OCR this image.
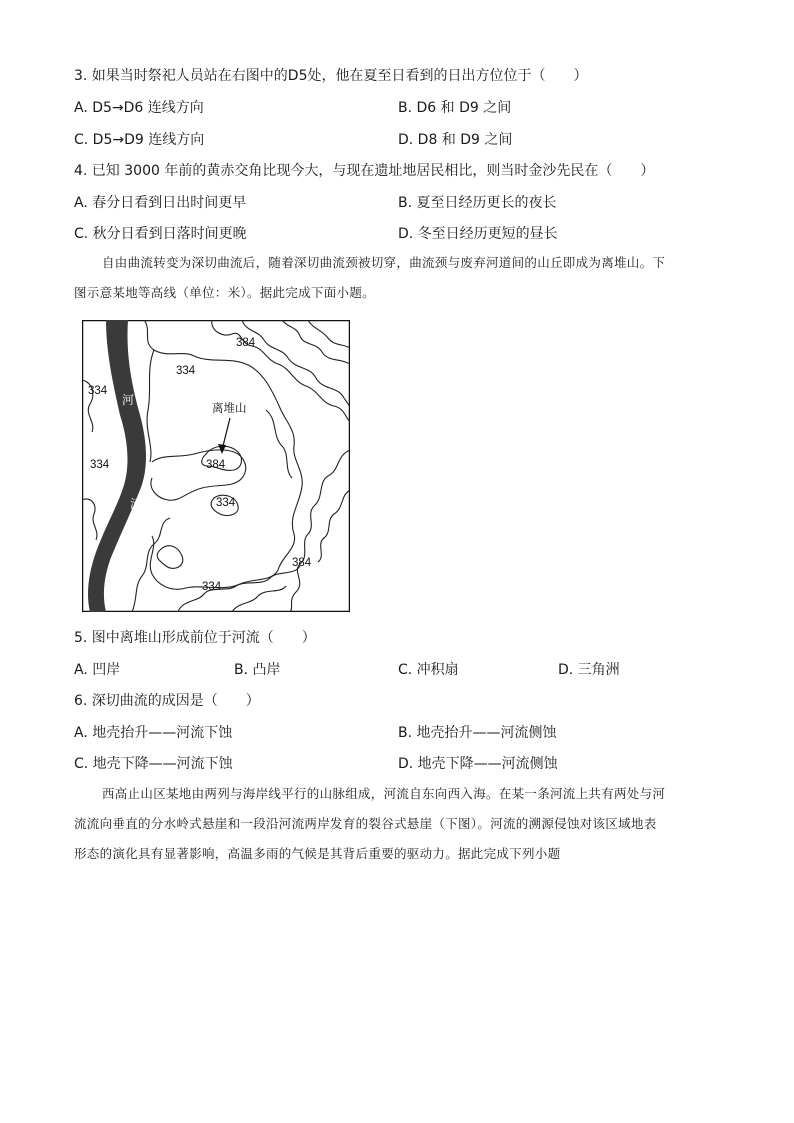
3. 如果当时祭祀人员站在右图中的D5处，他在夏至日看到的日出方位位于（　　）
A. D5→D6 连线方向	B. D6 和 D9 之间
C. D5→D9 连线方向	D. D8 和 D9 之间
4. 已知 3000 年前的黄赤交角比现今大，与现在遗址地居民相比，则当时金沙先民在（　　）
A. 春分日看到日出时间更早	B. 夏至日经历更长的夜长
C. 秋分日看到日落时间更晚	D. 冬至日经历更短的昼长
自由曲流转变为深切曲流后，随着深切曲流颈被切穿，曲流颈与废弃河道间的山丘即成为离堆山。下
图示意某地等高线（单位：米）。据此完成下面小题。
384
334
334
334
河
流
离堆山
384
334
384
334
5. 图中离堆山形成前位于河流（　　）
A. 凹岸	B. 凸岸	C. 冲积扇	D. 三角洲
6. 深切曲流的成因是（　　）
A. 地壳抬升——河流下蚀	B. 地壳抬升——河流侧蚀
C. 地壳下降——河流下蚀	D. 地壳下降——河流侧蚀
西高止山区某地由两列与海岸线平行的山脉组成，河流自东向西入海。在某一条河流上共有两处与河
流流向垂直的分水岭式悬崖和一段沿河流两岸发育的裂谷式悬崖（下图）。河流的溯源侵蚀对该区域地表
形态的演化具有显著影响，高温多雨的气候是其背后重要的驱动力。据此完成下列小题
